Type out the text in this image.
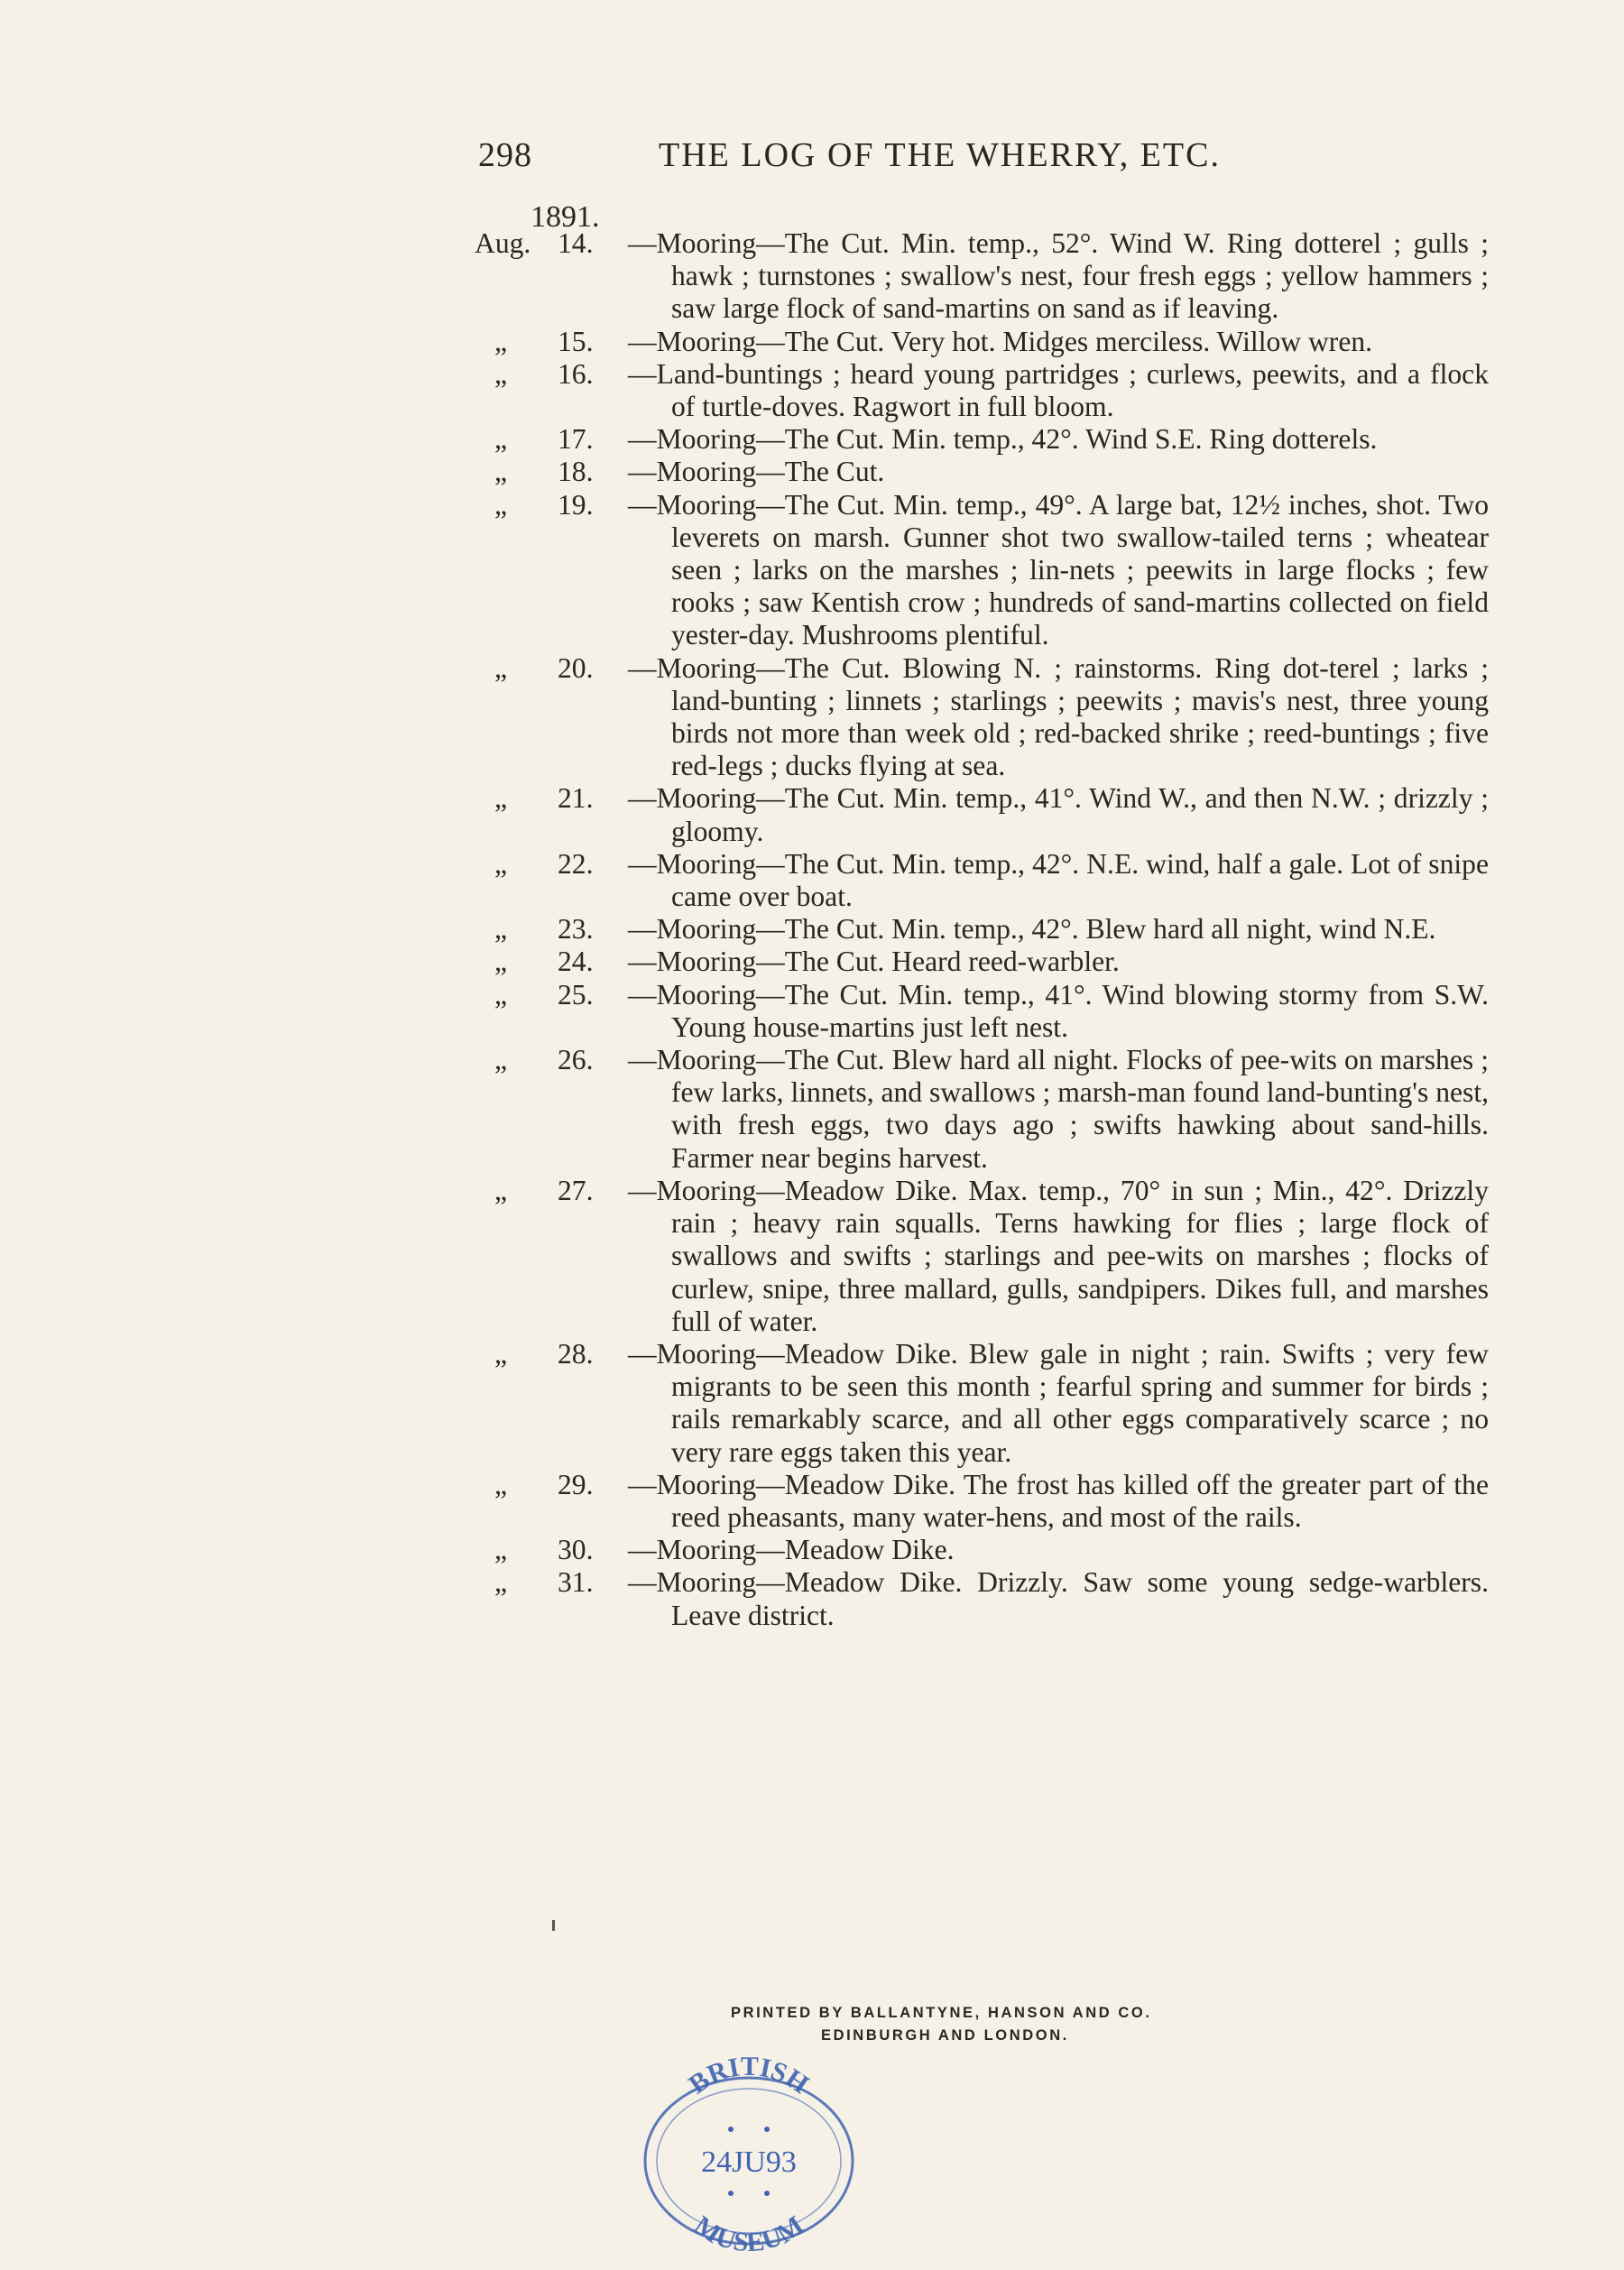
298	THE LOG OF THE WHERRY, ETC.
1891.
Aug. 14. —Mooring—The Cut. Min. temp., 52°. Wind W. Ring dotterel ; gulls ; hawk ; turnstones ; swallow's nest, four fresh eggs ; yellow hammers ; saw large flock of sand-martins on sand as if leaving.
„ 15. —Mooring—The Cut. Very hot. Midges merciless. Willow wren.
„ 16. —Land-buntings ; heard young partridges ; curlews, peewits, and a flock of turtle-doves. Ragwort in full bloom.
„ 17. —Mooring—The Cut. Min. temp., 42°. Wind S.E. Ring dotterels.
„ 18. —Mooring—The Cut.
„ 19. —Mooring—The Cut. Min. temp., 49°. A large bat, 12½ inches, shot. Two leverets on marsh. Gunner shot two swallow-tailed terns ; wheatear seen ; larks on the marshes ; lin-nets ; peewits in large flocks ; few rooks ; saw Kentish crow ; hundreds of sand-martins collected on field yester-day. Mushrooms plentiful.
„ 20. —Mooring—The Cut. Blowing N. ; rainstorms. Ring dot-terel ; larks ; land-bunting ; linnets ; starlings ; peewits ; mavis's nest, three young birds not more than week old ; red-backed shrike ; reed-buntings ; five red-legs ; ducks flying at sea.
„ 21. —Mooring—The Cut. Min. temp., 41°. Wind W., and then N.W. ; drizzly ; gloomy.
„ 22. —Mooring—The Cut. Min. temp., 42°. N.E. wind, half a gale. Lot of snipe came over boat.
„ 23. —Mooring—The Cut. Min. temp., 42°. Blew hard all night, wind N.E.
„ 24. —Mooring—The Cut. Heard reed-warbler.
„ 25. —Mooring—The Cut. Min. temp., 41°. Wind blowing stormy from S.W. Young house-martins just left nest.
„ 26. —Mooring—The Cut. Blew hard all night. Flocks of pee-wits on marshes ; few larks, linnets, and swallows ; marsh-man found land-bunting's nest, with fresh eggs, two days ago ; swifts hawking about sand-hills. Farmer near begins harvest.
„ 27. —Mooring—Meadow Dike. Max. temp., 70° in sun ; Min., 42°. Drizzly rain ; heavy rain squalls. Terns hawking for flies ; large flock of swallows and swifts ; starlings and pee-wits on marshes ; flocks of curlew, snipe, three mallard, gulls, sandpipers. Dikes full, and marshes full of water.
„ 28. —Mooring—Meadow Dike. Blew gale in night ; rain. Swifts ; very few migrants to be seen this month ; fearful spring and summer for birds ; rails remarkably scarce, and all other eggs comparatively scarce ; no very rare eggs taken this year.
„ 29. —Mooring—Meadow Dike. The frost has killed off the greater part of the reed pheasants, many water-hens, and most of the rails.
„ 30. —Mooring—Meadow Dike.
„ 31. —Mooring—Meadow Dike. Drizzly. Saw some young sedge-warblers. Leave district.
PRINTED BY BALLANTYNE, HANSON AND CO.
EDINBURGH AND LONDON.
BRITISH
24JU93
MUSEUM
